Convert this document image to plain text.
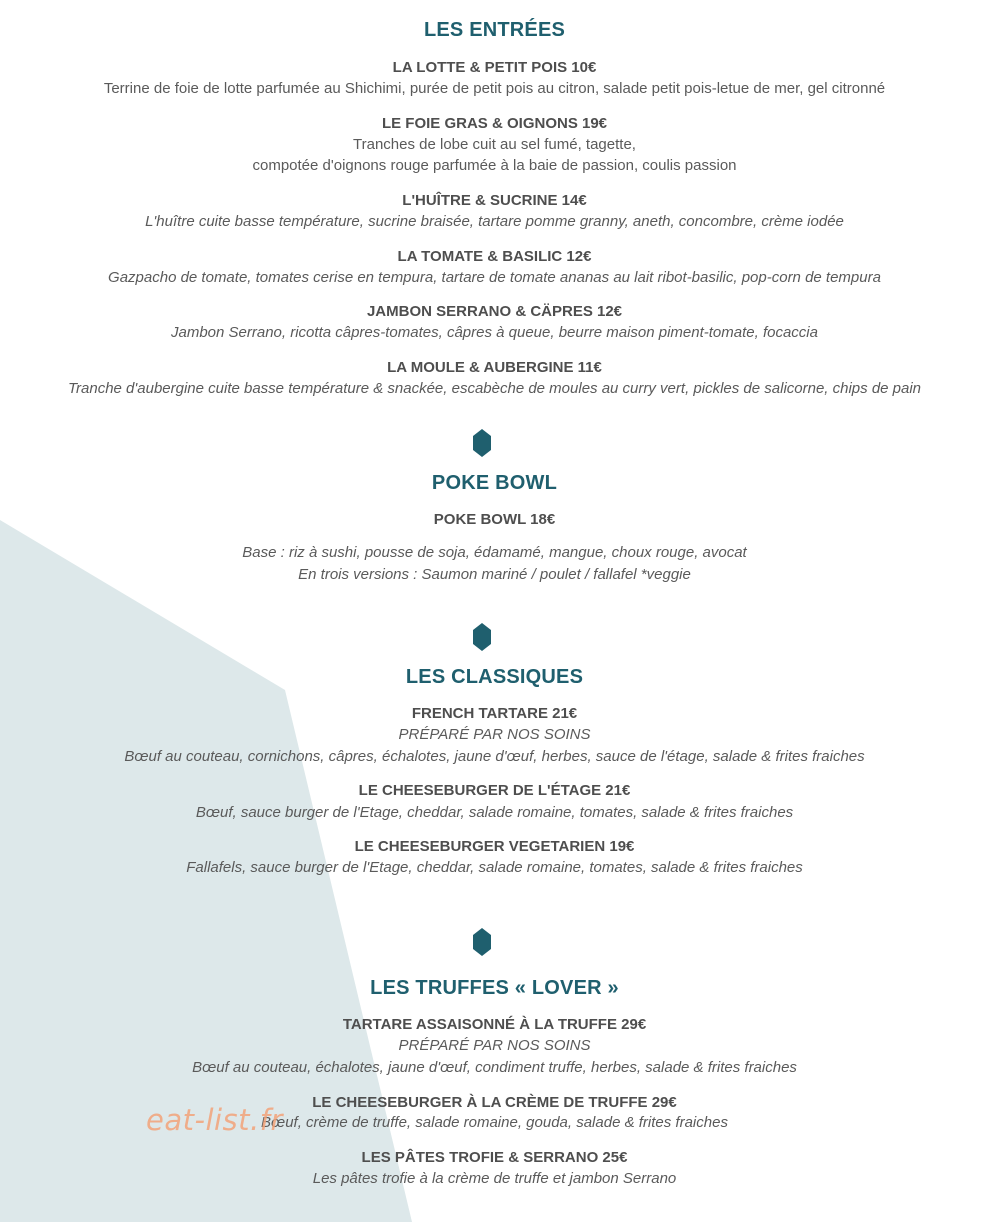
LES ENTRÉES
LA LOTTE & PETIT POIS 10€
Terrine de foie de lotte parfumée au Shichimi, purée de petit pois au citron, salade petit pois-letue de mer, gel citronné
LE FOIE GRAS & OIGNONS 19€
Tranches de lobe cuit au sel fumé, tagette,
compotée d'oignons rouge parfumée à la baie de passion, coulis passion
L'HUÎTRE & SUCRINE 14€
L'huître cuite basse température, sucrine braisée, tartare pomme granny, aneth, concombre, crème iodée
LA TOMATE & BASILIC 12€
Gazpacho de tomate, tomates cerise en tempura, tartare de tomate ananas au lait ribot-basilic, pop-corn de tempura
JAMBON SERRANO & CÄPRES 12€
Jambon Serrano, ricotta câpres-tomates, câpres à queue, beurre maison piment-tomate, focaccia
LA MOULE & AUBERGINE 11€
Tranche d'aubergine cuite basse température & snackée, escabèche de moules au curry vert, pickles de salicorne, chips de pain
POKE BOWL
POKE BOWL 18€
Base : riz à sushi, pousse de soja, édamamé, mangue, choux rouge, avocat
En trois versions : Saumon mariné / poulet / fallafel *veggie
LES CLASSIQUES
FRENCH TARTARE 21€
PRÉPARÉ PAR NOS SOINS
Bœuf au couteau, cornichons, câpres, échalotes, jaune d'œuf, herbes, sauce de l'étage, salade & frites fraiches
LE CHEESEBURGER DE L'ÉTAGE 21€
Bœuf, sauce burger de l'Etage, cheddar, salade romaine, tomates, salade & frites fraiches
LE CHEESEBURGER VEGETARIEN 19€
Fallafels, sauce burger de l'Etage, cheddar, salade romaine, tomates, salade & frites fraiches
LES TRUFFES « LOVER »
TARTARE ASSAISONNÉ À LA TRUFFE 29€
PRÉPARÉ PAR NOS SOINS
Bœuf au couteau, échalotes, jaune d'œuf, condiment truffe, herbes, salade & frites fraiches
LE CHEESEBURGER À LA CRÈME DE TRUFFE 29€
Bœuf, crème de truffe, salade romaine, gouda, salade & frites fraiches
LES PÂTES TROFIE & SERRANO 25€
Les pâtes trofie à la crème de truffe et jambon Serrano
eat-list.fr
